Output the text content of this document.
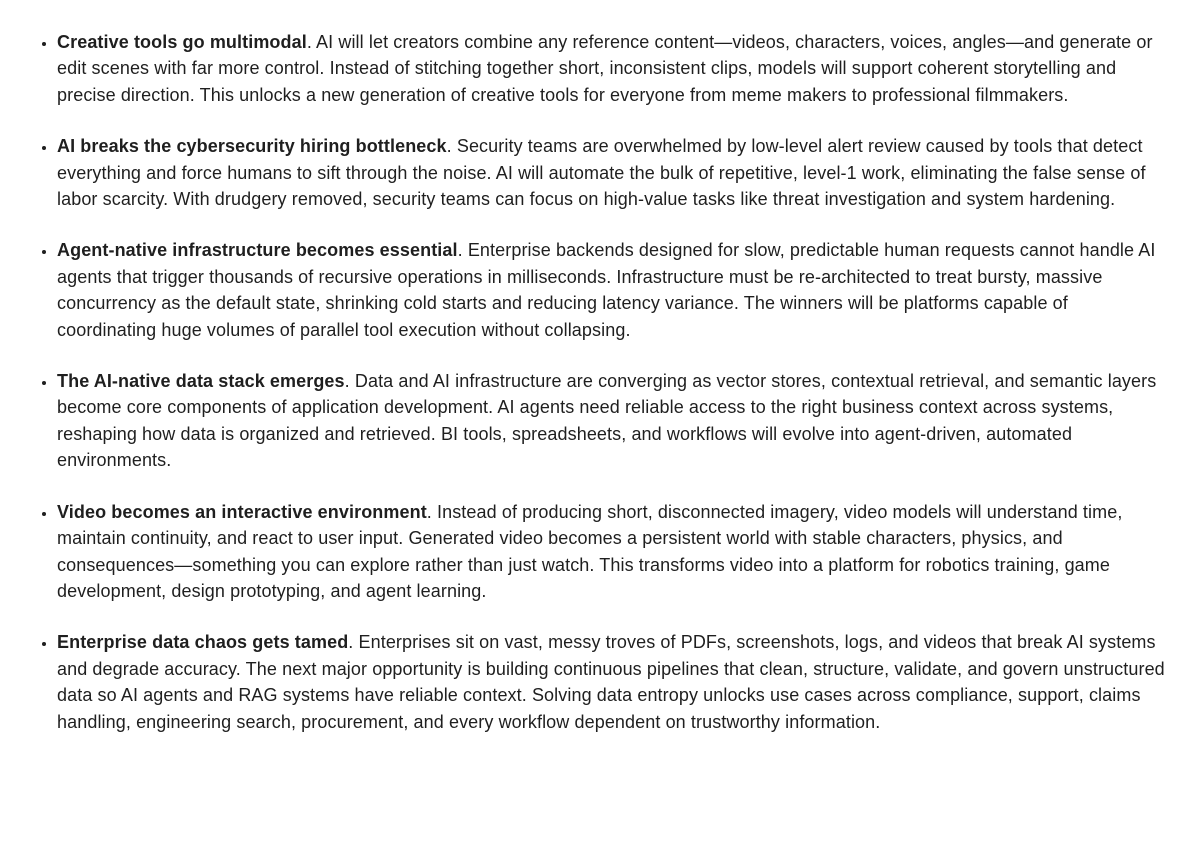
• Creative tools go multimodal. AI will let creators combine any reference content—videos, characters, voices, angles—and generate or edit scenes with far more control. Instead of stitching together short, inconsistent clips, models will support coherent storytelling and precise direction. This unlocks a new generation of creative tools for everyone from meme makers to professional filmmakers.
• AI breaks the cybersecurity hiring bottleneck. Security teams are overwhelmed by low-level alert review caused by tools that detect everything and force humans to sift through the noise. AI will automate the bulk of repetitive, level-1 work, eliminating the false sense of labor scarcity. With drudgery removed, security teams can focus on high-value tasks like threat investigation and system hardening.
• Agent-native infrastructure becomes essential. Enterprise backends designed for slow, predictable human requests cannot handle AI agents that trigger thousands of recursive operations in milliseconds. Infrastructure must be re-architected to treat bursty, massive concurrency as the default state, shrinking cold starts and reducing latency variance. The winners will be platforms capable of coordinating huge volumes of parallel tool execution without collapsing.
• The AI-native data stack emerges. Data and AI infrastructure are converging as vector stores, contextual retrieval, and semantic layers become core components of application development. AI agents need reliable access to the right business context across systems, reshaping how data is organized and retrieved. BI tools, spreadsheets, and workflows will evolve into agent-driven, automated environments.
• Video becomes an interactive environment. Instead of producing short, disconnected imagery, video models will understand time, maintain continuity, and react to user input. Generated video becomes a persistent world with stable characters, physics, and consequences—something you can explore rather than just watch. This transforms video into a platform for robotics training, game development, design prototyping, and agent learning.
• Enterprise data chaos gets tamed. Enterprises sit on vast, messy troves of PDFs, screenshots, logs, and videos that break AI systems and degrade accuracy. The next major opportunity is building continuous pipelines that clean, structure, validate, and govern unstructured data so AI agents and RAG systems have reliable context. Solving data entropy unlocks use cases across compliance, support, claims handling, engineering search, procurement, and every workflow dependent on trustworthy information.
